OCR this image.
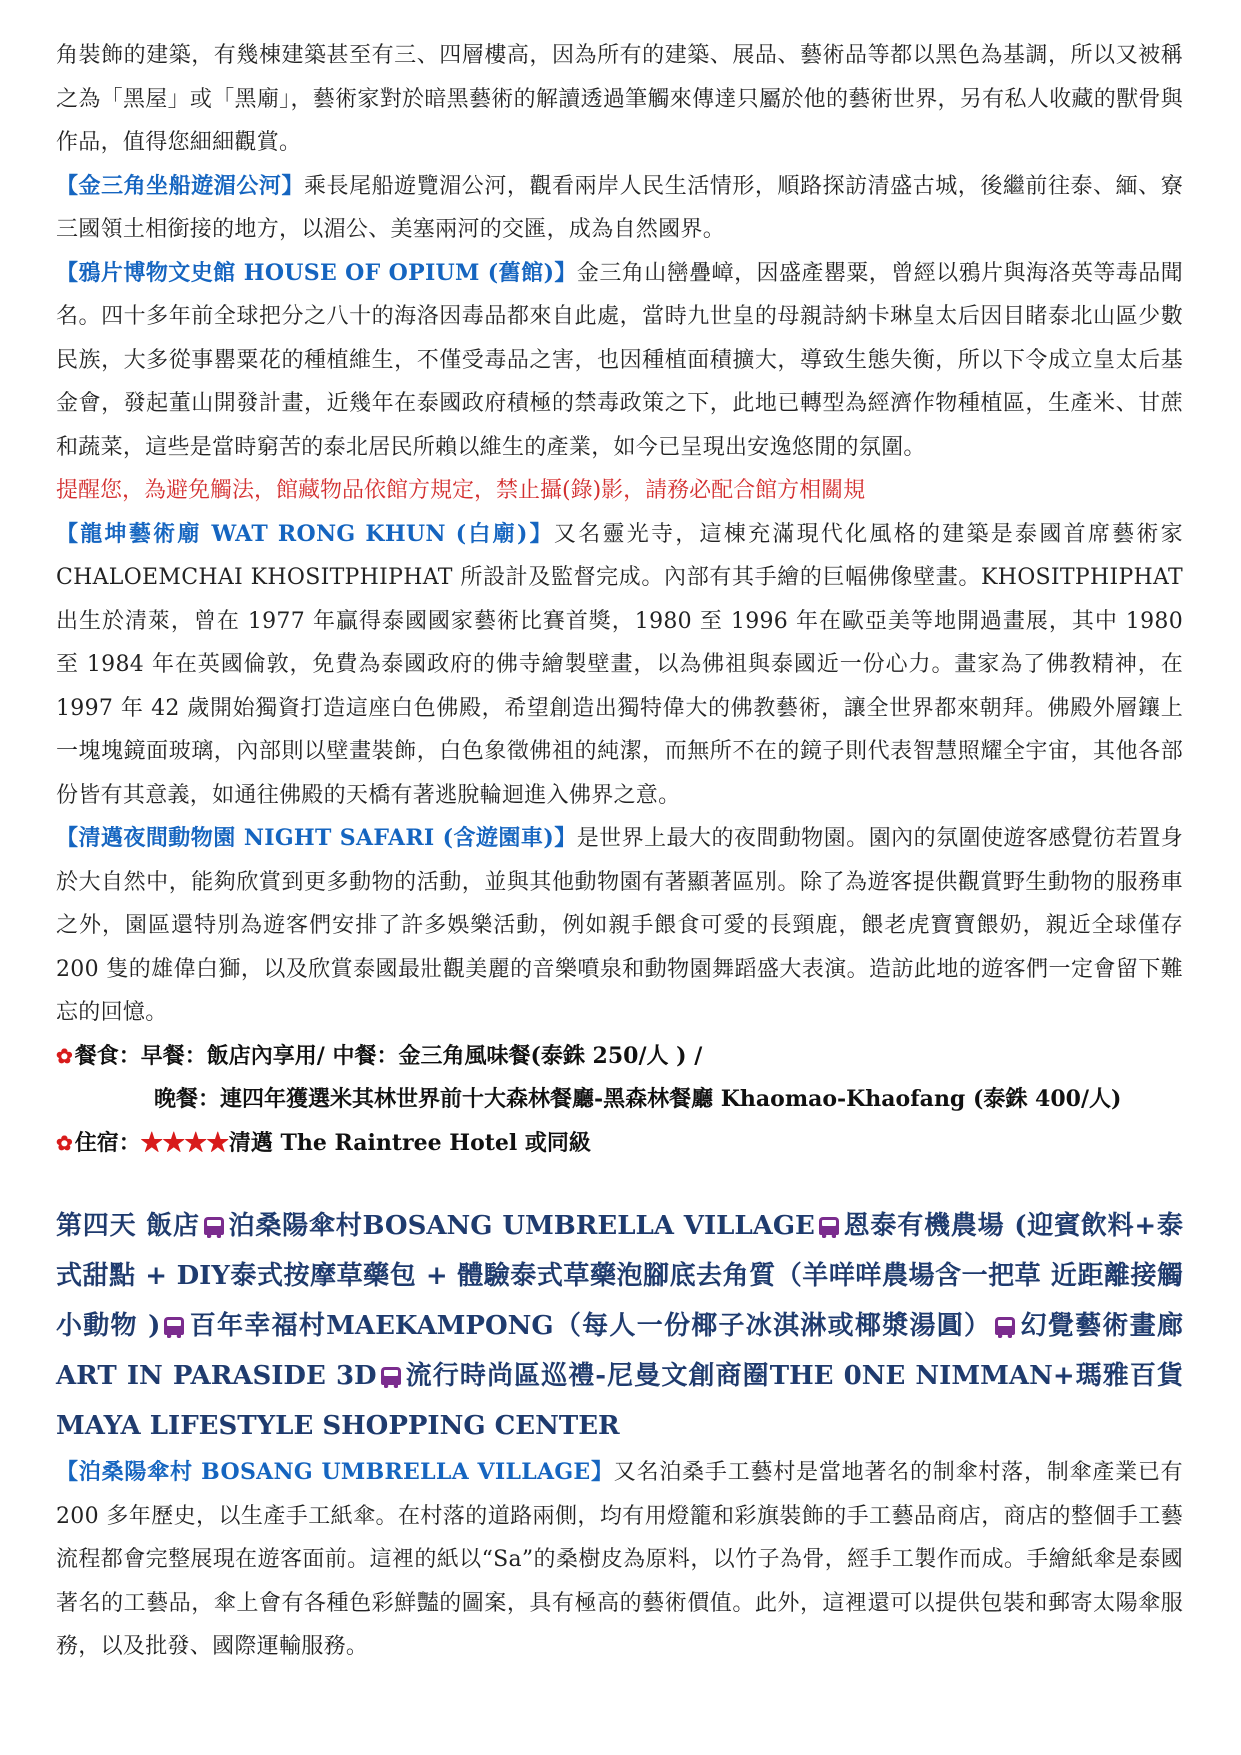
角裝飾的建築，有幾棟建築甚至有三、四層樓高，因為所有的建築、展品、藝術品等都以黑色為基調，所以又被稱之為「黑屋」或「黑廟」，藝術家對於暗黑藝術的解讀透過筆觸來傳達只屬於他的藝術世界，另有私人收藏的獸骨與作品，值得您細細觀賞。

【金三角坐船遊湄公河】乘長尾船遊覽湄公河，觀看兩岸人民生活情形，順路探訪清盛古城，後繼前往泰、緬、寮三國領土相銜接的地方，以湄公、美塞兩河的交匯，成為自然國界。

【鴉片博物文史館 HOUSE OF OPIUM (舊館)】金三角山巒疊嶂，因盛產罌粟，曾經以鴉片與海洛英等毒品聞名。四十多年前全球把分之八十的海洛因毒品都來自此處，當時九世皇的母親詩納卡琳皇太后因目睹泰北山區少數民族，大多從事罌粟花的種植維生，不僅受毒品之害，也因種植面積擴大，導致生態失衡，所以下令成立皇太后基金會，發起董山開發計畫，近幾年在泰國政府積極的禁毒政策之下，此地已轉型為經濟作物種植區，生產米、甘蔗和蔬菜，這些是當時窮苦的泰北居民所賴以維生的產業，如今已呈現出安逸悠閒的氛圍。

提醒您，為避免觸法，館藏物品依館方規定，禁止攝(錄)影，請務必配合館方相關規

【龍坤藝術廟 WAT RONG KHUN (白廟)】又名靈光寺，這棟充滿現代化風格的建築是泰國首席藝術家 CHALOEMCHAI KHOSITPHIPHAT 所設計及監督完成。內部有其手繪的巨幅佛像壁畫。KHOSITPHIPHAT 出生於清萊，曾在 1977 年贏得泰國國家藝術比賽首獎，1980 至 1996 年在歐亞美等地開過畫展，其中 1980 至 1984 年在英國倫敦，免費為泰國政府的佛寺繪製壁畫，以為佛祖與泰國近一份心力。畫家為了佛教精神，在 1997 年 42 歲開始獨資打造這座白色佛殿，希望創造出獨特偉大的佛教藝術，讓全世界都來朝拜。佛殿外層鑲上一塊塊鏡面玻璃，內部則以壁畫裝飾，白色象徵佛祖的純潔，而無所不在的鏡子則代表智慧照耀全宇宙，其他各部份皆有其意義，如通往佛殿的天橋有著逃脫輪迴進入佛界之意。

【清邁夜間動物園 NIGHT SAFARI (含遊園車)】是世界上最大的夜間動物園。園內的氛圍使遊客感覺彷若置身於大自然中，能夠欣賞到更多動物的活動，並與其他動物園有著顯著區別。除了為遊客提供觀賞野生動物的服務車之外，園區還特別為遊客們安排了許多娛樂活動，例如親手餵食可愛的長頸鹿，餵老虎寶寶餵奶，親近全球僅存 200 隻的雄偉白獅，以及欣賞泰國最壯觀美麗的音樂噴泉和動物園舞蹈盛大表演。造訪此地的遊客們一定會留下難忘的回憶。

✿餐食：早餐：飯店內享用/ 中餐：金三角風味餐(泰銖 250/人 ) /

晚餐：連四年獲選米其林世界前十大森林餐廳-黑森林餐廳 Khaomao-Khaofang (泰銖 400/人)

✿住宿：★★★★清邁 The Raintree Hotel 或同級

第四天 飯店 泊桑陽傘村BOSANG UMBRELLA VILLAGE 恩泰有機農場 (迎賓飲料+泰式甜點 + DIY泰式按摩草藥包 + 體驗泰式草藥泡腳底去角質（羊咩咩農場含一把草 近距離接觸小動物 ) 百年幸福村MAEKAMPONG（每人一份椰子冰淇淋或椰漿湯圓） 幻覺藝術畫廊ART IN PARASIDE 3D 流行時尚區巡禮-尼曼文創商圈THE 0NE NIMMAN+瑪雅百貨MAYA LIFESTYLE SHOPPING CENTER

【泊桑陽傘村 BOSANG UMBRELLA VILLAGE】又名泊桑手工藝村是當地著名的制傘村落，制傘產業已有 200 多年歷史，以生產手工紙傘。在村落的道路兩側，均有用燈籠和彩旗裝飾的手工藝品商店，商店的整個手工藝流程都會完整展現在遊客面前。這裡的紙以“Sa”的桑樹皮為原料，以竹子為骨，經手工製作而成。手繪紙傘是泰國著名的工藝品，傘上會有各種色彩鮮豔的圖案，具有極高的藝術價值。此外，這裡還可以提供包裝和郵寄太陽傘服務，以及批發、國際運輸服務。
